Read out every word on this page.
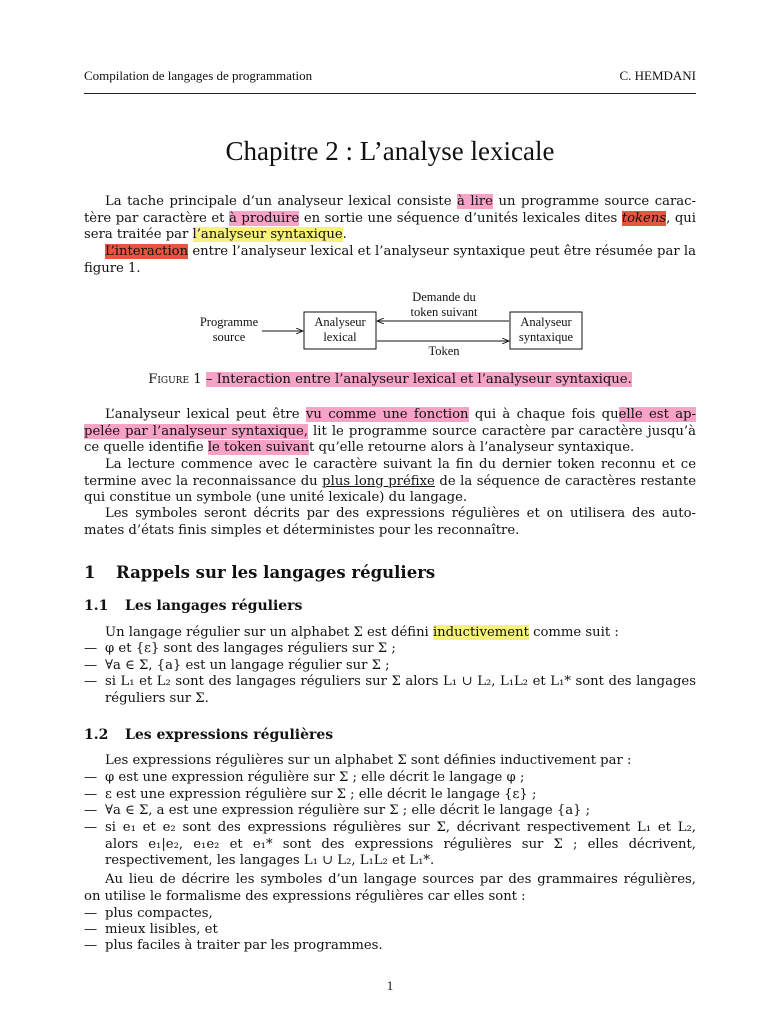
Compilation de langages de programmation	C. HEMDANI
Chapitre 2 : L’analyse lexicale
La tache principale d’un analyseur lexical consiste à lire un programme source carac-tère par caractère et à produire en sortie une séquence d’unités lexicales dites tokens, qui sera traitée par l’analyseur syntaxique.
L’interaction entre l’analyseur lexical et l’analyseur syntaxique peut être résumée par la figure 1.
Figure 1 – Interaction entre l’analyseur lexical et l’analyseur syntaxique.
L’analyseur lexical peut être vu comme une fonction qui à chaque fois quelle est ap-pelée par l’analyseur syntaxique, lit le programme source caractère par caractère jusqu’à ce quelle identifie le token suivant qu’elle retourne alors à l’analyseur syntaxique.
La lecture commence avec le caractère suivant la fin du dernier token reconnu et ce termine avec la reconnaissance du plus long préfixe de la séquence de caractères restante qui constitue un symbole (une unité lexicale) du langage.
Les symboles seront décrits par des expressions régulières et on utilisera des auto-mates d’états finis simples et déterministes pour les reconnaître.
1 Rappels sur les langages réguliers
1.1 Les langages réguliers
Un langage régulier sur un alphabet Σ est défini inductivement comme suit :
— φ et {ε} sont des langages réguliers sur Σ ;
— ∀a ∈ Σ, {a} est un langage régulier sur Σ ;
— si L₁ et L₂ sont des langages réguliers sur Σ alors L₁ ∪ L₂, L₁L₂ et L₁* sont des langages réguliers sur Σ.
1.2 Les expressions régulières
Les expressions régulières sur un alphabet Σ sont définies inductivement par :
— φ est une expression régulière sur Σ ; elle décrit le langage φ ;
— ε est une expression régulière sur Σ ; elle décrit le langage {ε} ;
— ∀a ∈ Σ, a est une expression régulière sur Σ ; elle décrit le langage {a} ;
— si e₁ et e₂ sont des expressions régulières sur Σ, décrivant respectivement L₁ et L₂, alors e₁|e₂, e₁e₂ et e₁* sont des expressions régulières sur Σ ; elles décrivent, respectivement, les langages L₁ ∪ L₂, L₁L₂ et L₁*.
Au lieu de décrire les symboles d’un langage sources par des grammaires régulières, on utilise le formalisme des expressions régulières car elles sont :
— plus compactes,
— mieux lisibles, et
— plus faciles à traiter par les programmes.
1
Programme
source
Analyseur
lexical
Analyseur
syntaxique
Demande du
token suivant
Token
